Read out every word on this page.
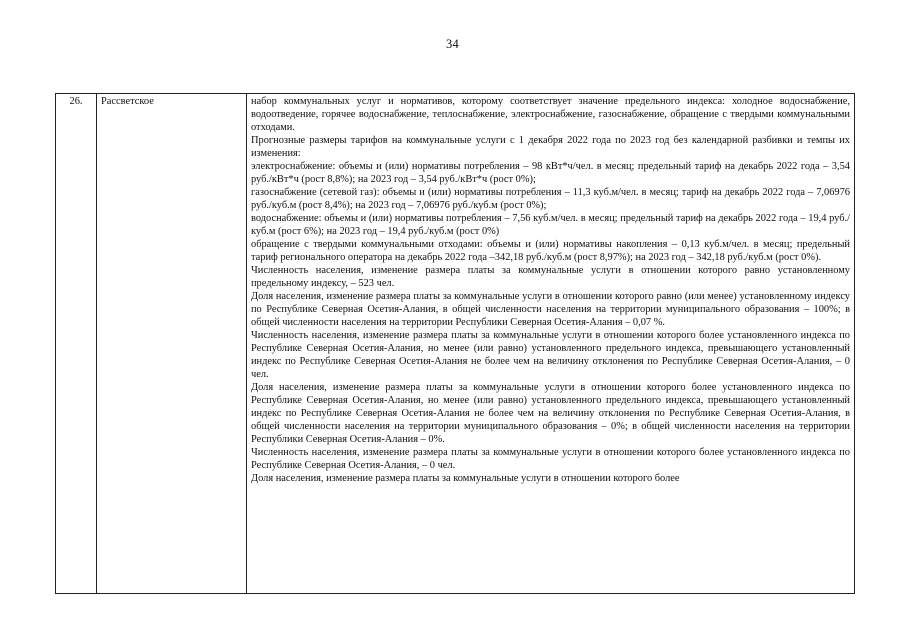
34
26.	Рассветское	набор коммунальных услуг и нормативов, которому соответствует значение предельного индекса: холодное водоснабжение, водоотведение, горячее водоснабжение, теплоснабжение, электроснабжение, газоснабжение, обращение с твердыми коммунальными отходами.

Прогнозные размеры тарифов на коммунальные услуги с 1 декабря 2022 года по 2023 год без календарной разбивки и темпы их изменения:

электроснабжение: объемы и (или) нормативы потребления – 98 кВт*ч/чел. в месяц; предельный тариф на декабрь 2022 года – 3,54 руб./кВт*ч (рост 8,8%); на 2023 год – 3,54 руб./кВт*ч (рост 0%);

газоснабжение (сетевой газ): объемы и (или) нормативы потребления – 11,3 куб.м/чел. в месяц; тариф на декабрь 2022 года – 7,06976 руб./куб.м (рост 8,4%); на 2023 год – 7,06976 руб./куб.м (рост 0%);

водоснабжение: объемы и (или) нормативы потребления – 7,56 куб.м/чел. в месяц; предельный тариф на декабрь 2022 года – 19,4 руб./куб.м (рост 6%); на 2023 год – 19,4 руб./куб.м (рост 0%)

обращение с твердыми коммунальными отходами: объемы и (или) нормативы накопления – 0,13 куб.м/чел. в месяц; предельный тариф регионального оператора на декабрь 2022 года –342,18 руб./куб.м (рост 8,97%); на 2023 год – 342,18 руб./куб.м (рост 0%).

Численность населения, изменение размера платы за коммунальные услуги в отношении которого равно установленному предельному индексу, – 523 чел.

Доля населения, изменение размера платы за коммунальные услуги в отношении которого равно (или менее) установленному индексу по Республике Северная Осетия-Алания, в общей численности населения на территории муниципального образования – 100%; в общей численности населения на территории Республики Северная Осетия-Алания – 0,07 %.

Численность населения, изменение размера платы за коммунальные услуги в отношении которого более установленного индекса по Республике Северная Осетия-Алания, но менее (или равно) установленного предельного индекса, превышающего установленный индекс по Республике Северная Осетия-Алания не более чем на величину отклонения по Республике Северная Осетия-Алания, – 0 чел.

Доля населения, изменение размера платы за коммунальные услуги в отношении которого более установленного индекса по Республике Северная Осетия-Алания, но менее (или равно) установленного предельного индекса, превышающего установленный индекс по Республике Северная Осетия-Алания не более чем на величину отклонения по Республике Северная Осетия-Алания, в общей численности населения на территории муниципального образования – 0%; в общей численности населения на территории Республики Северная Осетия-Алания – 0%.

Численность населения, изменение размера платы за коммунальные услуги в отношении которого более установленного индекса по Республике Северная Осетия-Алания, – 0 чел.

Доля населения, изменение размера платы за коммунальные услуги в отношении которого более
